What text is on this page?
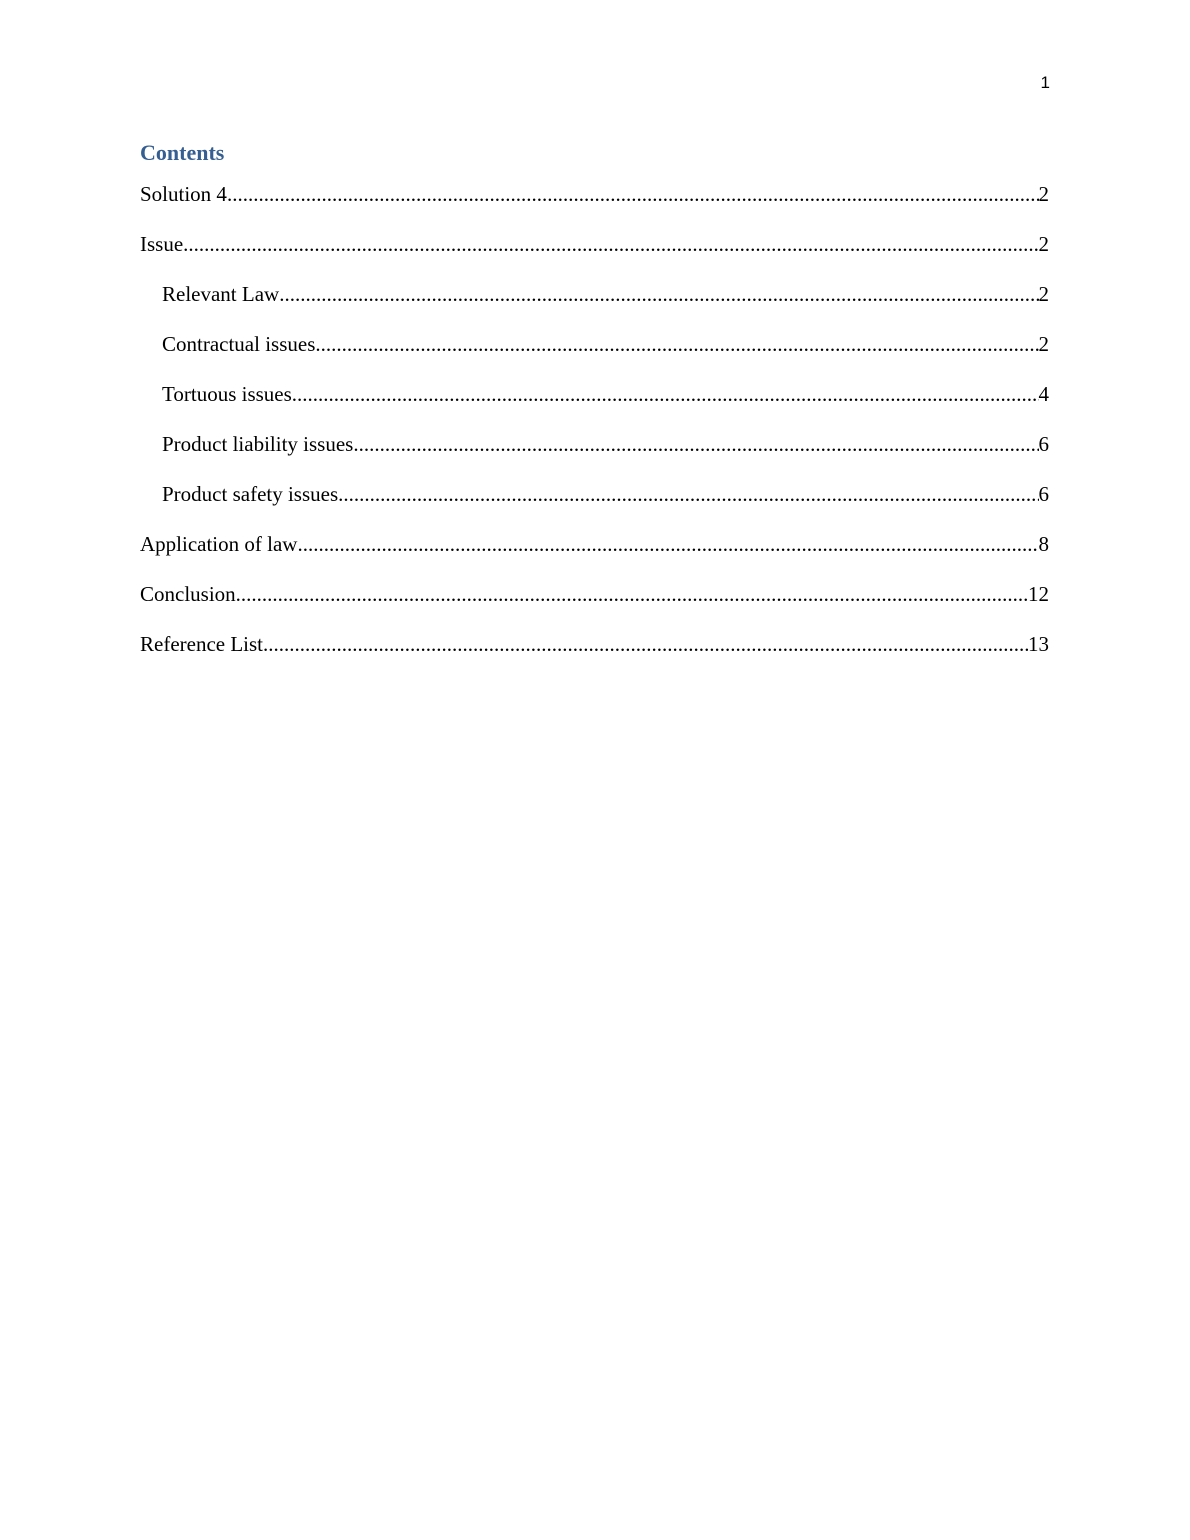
1
Contents
Solution 4 .....	2
Issue .....	2
Relevant Law .....	2
Contractual issues .....	2
Tortuous issues .....	4
Product liability issues .....	6
Product safety issues .....	6
Application of law .....	8
Conclusion .....	12
Reference List .....	13
